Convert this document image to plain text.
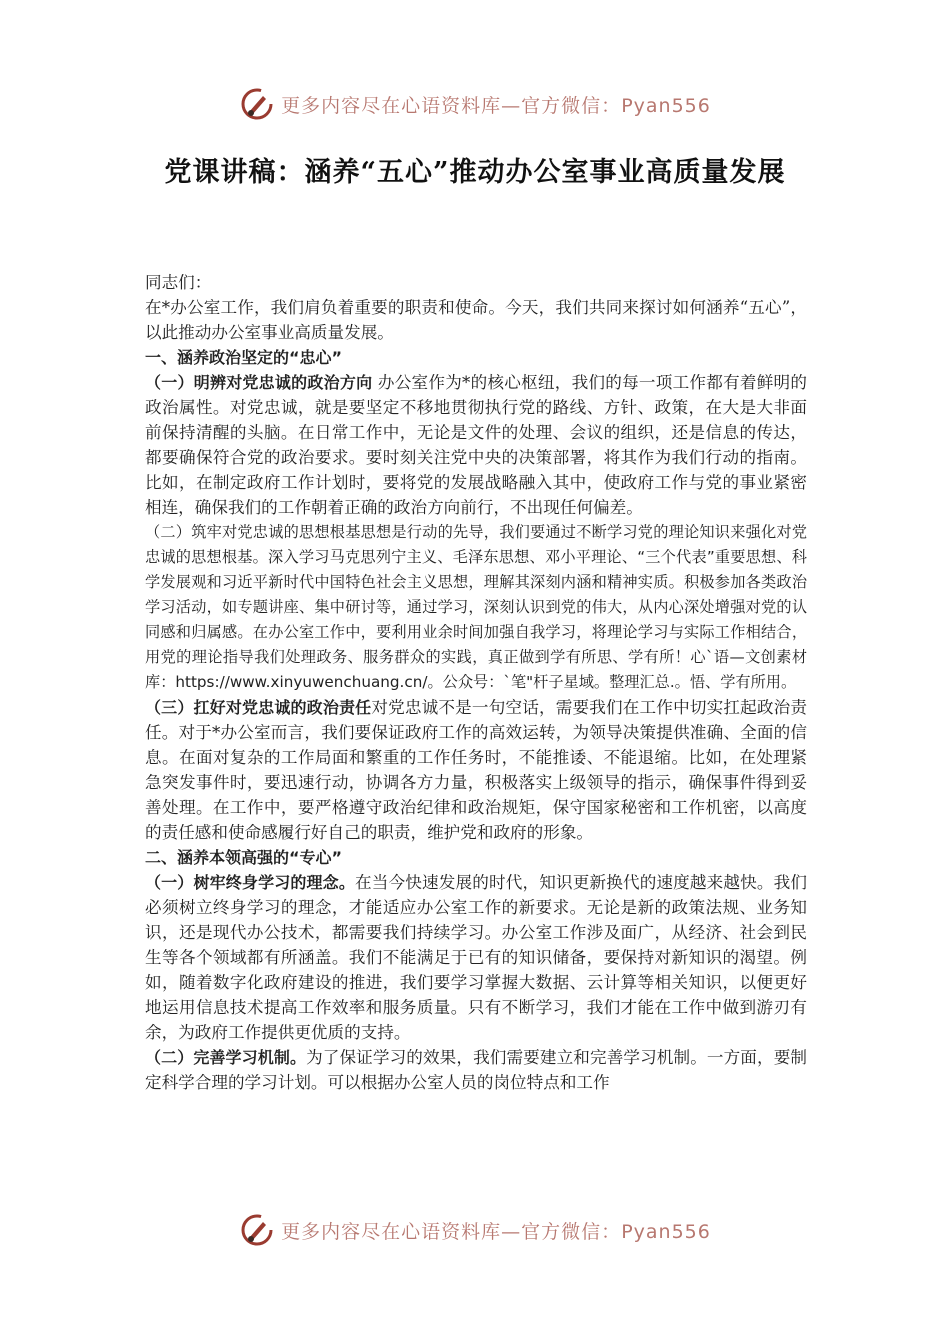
更多内容尽在心语资料库—官方微信：Pyan556
党课讲稿：涵养“五心”推动办公室事业高质量发展

同志们：

在*办公室工作，我们肩负着重要的职责和使命。今天，我们共同来探讨如何涵养“五心”，以此推动办公室事业高质量发展。

一、涵养政治坚定的“忠心”

（一）明辨对党忠诚的政治方向 办公室作为*的核心枢纽，我们的每一项工作都有着鲜明的政治属性。对党忠诚，就是要坚定不移地贯彻执行党的路线、方针、政策，在大是大非面前保持清醒的头脑。在日常工作中，无论是文件的处理、会议的组织，还是信息的传达，都要确保符合党的政治要求。要时刻关注党中央的决策部署，将其作为我们行动的指南。比如，在制定政府工作计划时，要将党的发展战略融入其中，使政府工作与党的事业紧密相连，确保我们的工作朝着正确的政治方向前行，不出现任何偏差。

（二）筑牢对党忠诚的思想根基思想是行动的先导，我们要通过不断学习党的理论知识来强化对党忠诚的思想根基。深入学习马克思列宁主义、毛泽东思想、邓小平理论、“三个代表”重要思想、科学发展观和习近平新时代中国特色社会主义思想，理解其深刻内涵和精神实质。积极参加各类政治学习活动，如专题讲座、集中研讨等，通过学习，深刻认识到党的伟大，从内心深处增强对党的认同感和归属感。在办公室工作中，要利用业余时间加强自我学习，将理论学习与实际工作相结合，用党的理论指导我们处理政务、服务群众的实践，真正做到学有所思、学有所！心`语—文创素材库：https://www.xinyuwenchuang.cn/。公众号：`笔"杆子星域。整理汇总.。悟、学有所用。

（三）扛好对党忠诚的政治责任对党忠诚不是一句空话，需要我们在工作中切实扛起政治责任。对于*办公室而言，我们要保证政府工作的高效运转，为领导决策提供准确、全面的信息。在面对复杂的工作局面和繁重的工作任务时，不能推诿、不能退缩。比如，在处理紧急突发事件时，要迅速行动，协调各方力量，积极落实上级领导的指示，确保事件得到妥善处理。在工作中，要严格遵守政治纪律和政治规矩，保守国家秘密和工作机密，以高度的责任感和使命感履行好自己的职责，维护党和政府的形象。

二、涵养本领高强的“专心”

（一）树牢终身学习的理念。在当今快速发展的时代，知识更新换代的速度越来越快。我们必须树立终身学习的理念，才能适应办公室工作的新要求。无论是新的政策法规、业务知识，还是现代办公技术，都需要我们持续学习。办公室工作涉及面广，从经济、社会到民生等各个领域都有所涵盖。我们不能满足于已有的知识储备，要保持对新知识的渴望。例如，随着数字化政府建设的推进，我们要学习掌握大数据、云计算等相关知识，以便更好地运用信息技术提高工作效率和服务质量。只有不断学习，我们才能在工作中做到游刃有余，为政府工作提供更优质的支持。

（二）完善学习机制。为了保证学习的效果，我们需要建立和完善学习机制。一方面，要制定科学合理的学习计划。可以根据办公室人员的岗位特点和工作

更多内容尽在心语资料库—官方微信：Pyan556
